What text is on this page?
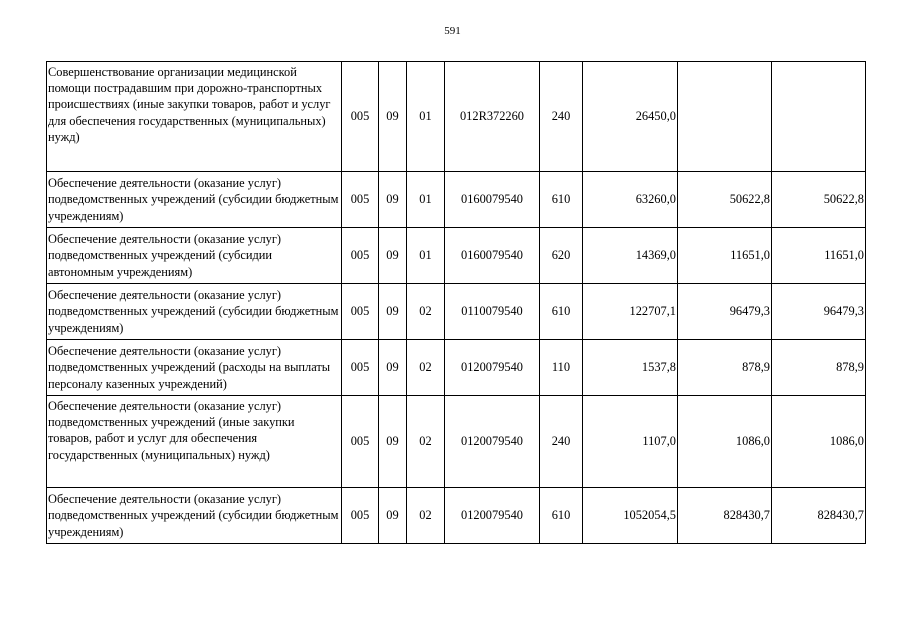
591
Совершенствование организации медицинской помощи пострадавшим при дорожно-транспортных происшествиях (иные закупки товаров, работ и услуг для обеспечения государственных (муниципальных) нужд)	005	09	01	012R372260	240	26450,0		
Обеспечение деятельности (оказание услуг) подведомственных учреждений (субсидии бюджетным учреждениям)	005	09	01	0160079540	610	63260,0	50622,8	50622,8
Обеспечение деятельности (оказание услуг) подведомственных учреждений (субсидии автономным учреждениям)	005	09	01	0160079540	620	14369,0	11651,0	11651,0
Обеспечение деятельности (оказание услуг) подведомственных учреждений (субсидии бюджетным учреждениям)	005	09	02	0110079540	610	122707,1	96479,3	96479,3
Обеспечение деятельности (оказание услуг) подведомственных учреждений (расходы на выплаты персоналу казенных учреждений)	005	09	02	0120079540	110	1537,8	878,9	878,9
Обеспечение деятельности (оказание услуг) подведомственных учреждений (иные закупки товаров, работ и услуг для обеспечения государственных (муниципальных) нужд)	005	09	02	0120079540	240	1107,0	1086,0	1086,0
Обеспечение деятельности (оказание услуг) подведомственных учреждений (субсидии бюджетным учреждениям)	005	09	02	0120079540	610	1052054,5	828430,7	828430,7
